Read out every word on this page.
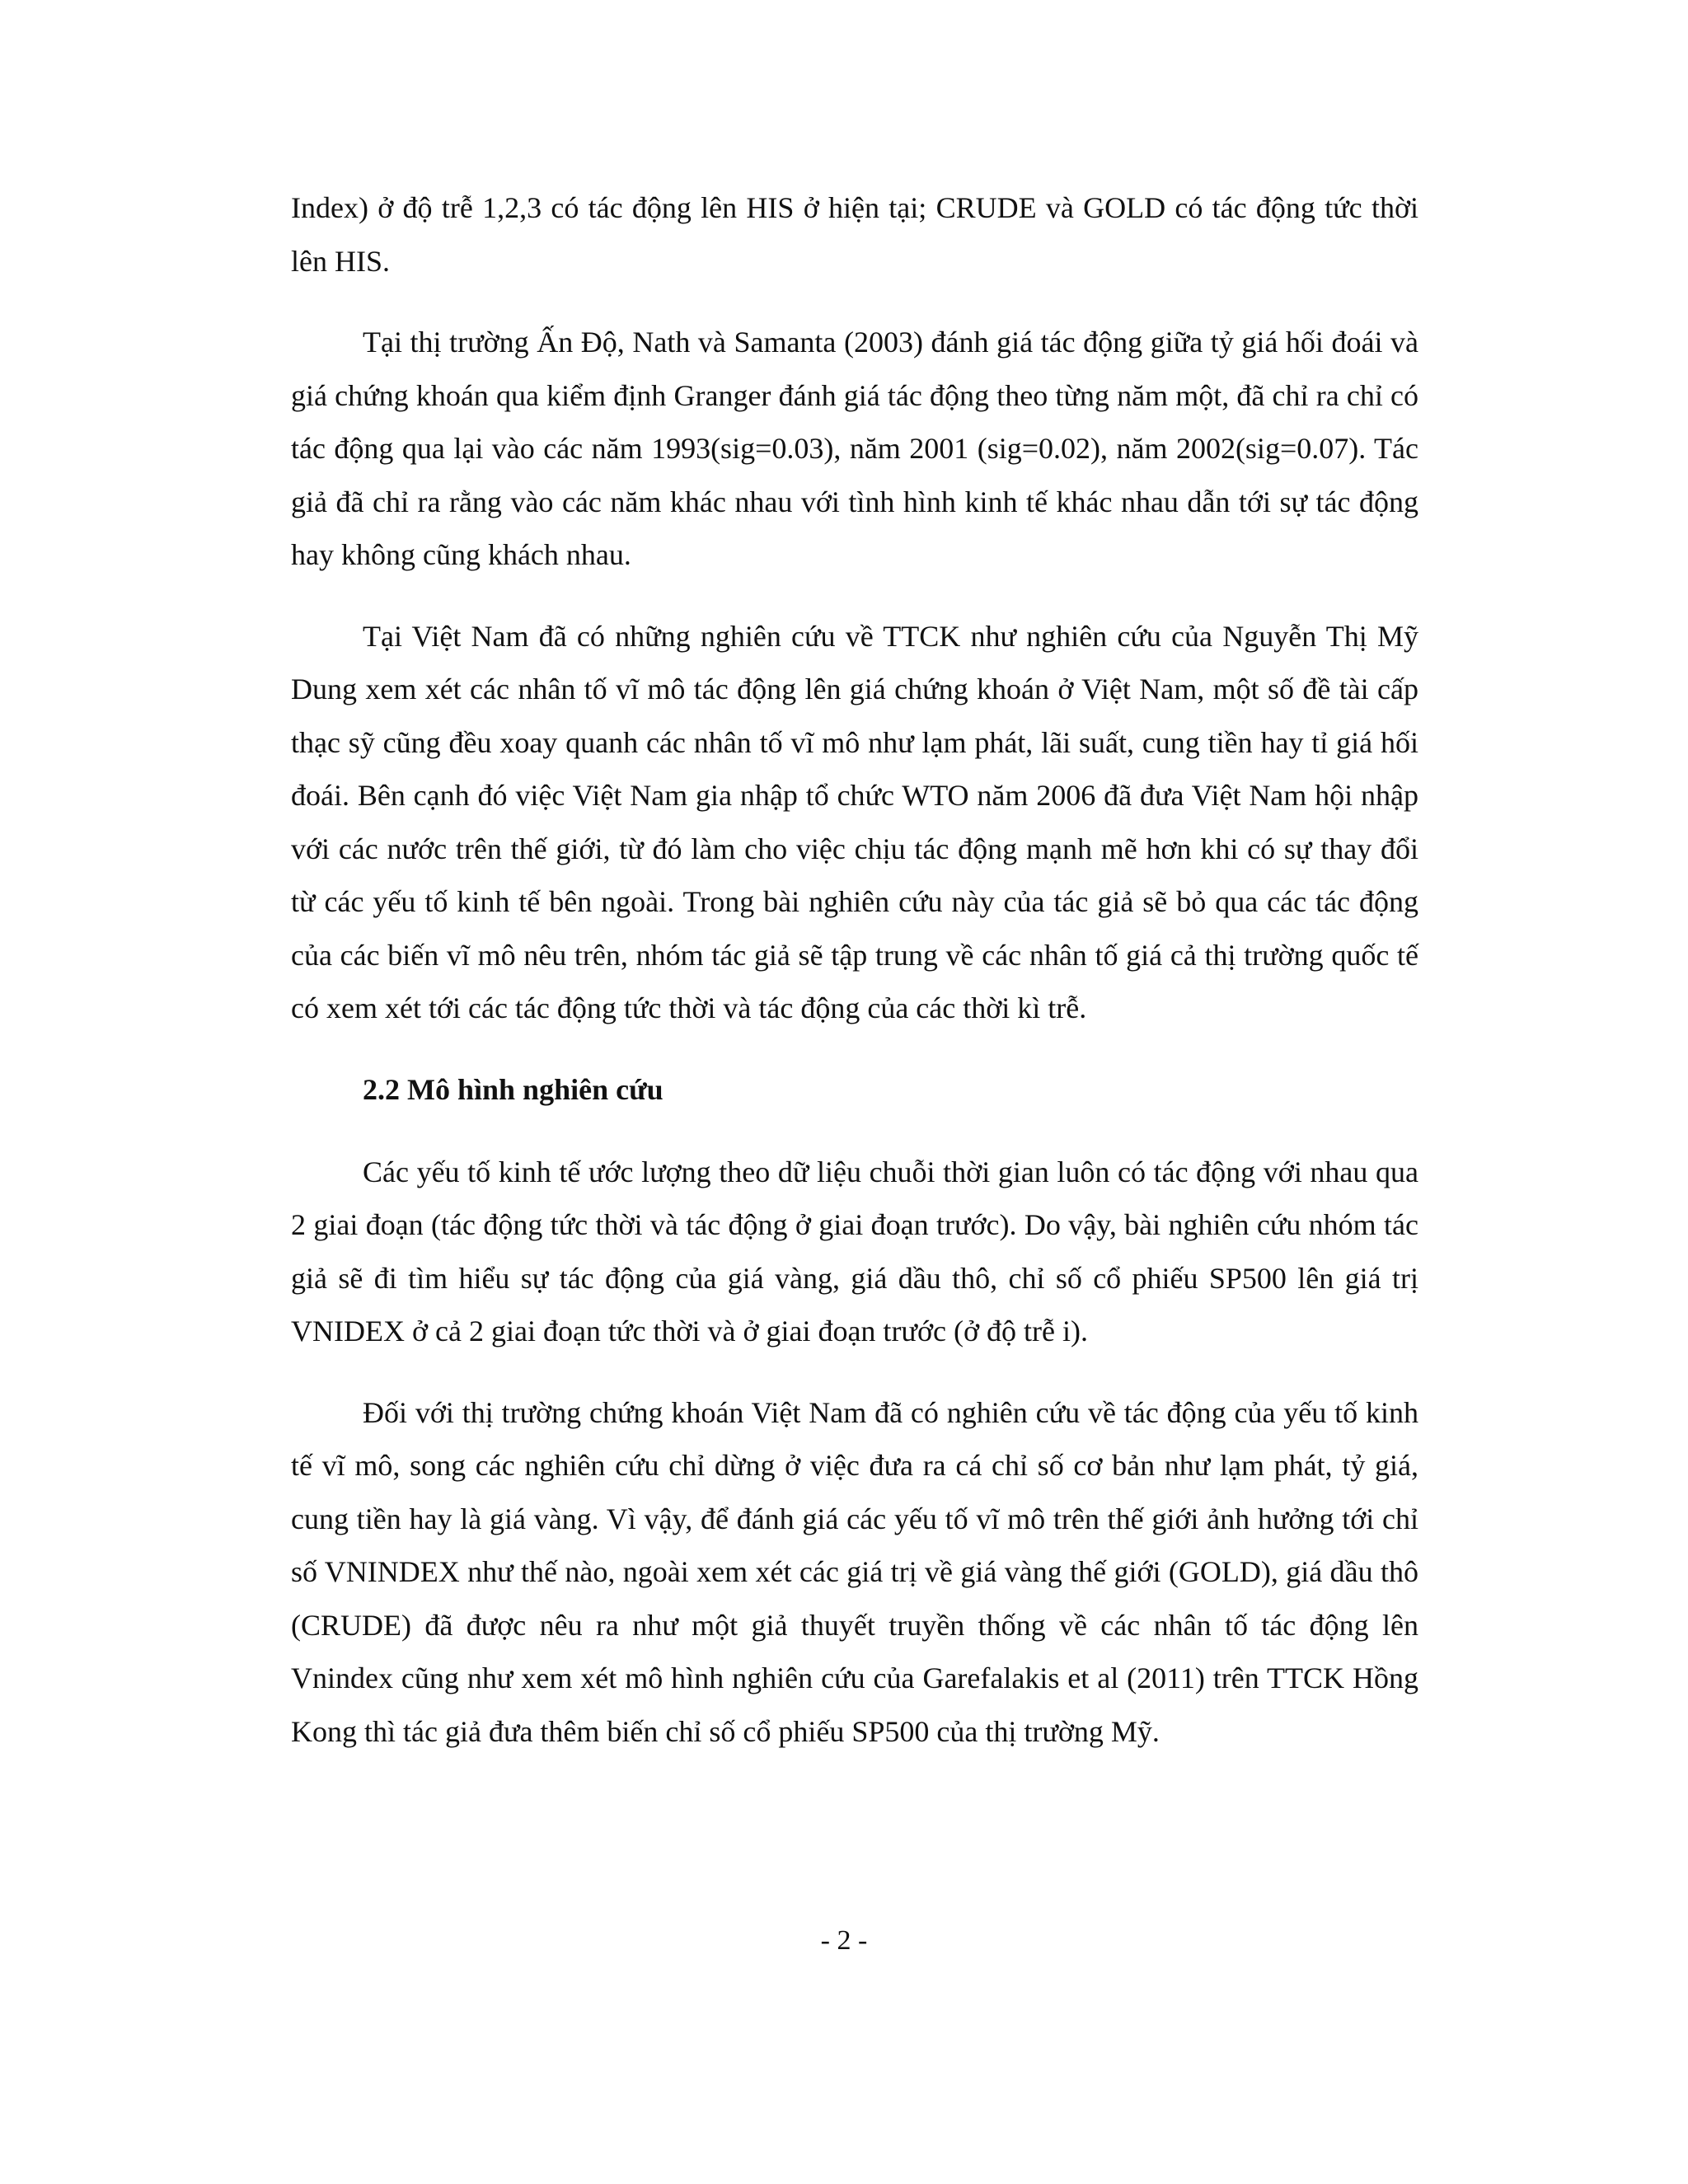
Index) ở độ trễ 1,2,3 có tác động lên HIS ở hiện tại; CRUDE và GOLD có tác động tức thời lên HIS.

Tại thị trường Ấn Độ, Nath và Samanta (2003) đánh giá tác động giữa tỷ giá hối đoái và giá chứng khoán qua kiểm định Granger đánh giá tác động theo từng năm một, đã chỉ ra chỉ có tác động qua lại vào các năm 1993(sig=0.03), năm 2001 (sig=0.02), năm 2002(sig=0.07). Tác giả đã chỉ ra rằng vào các năm khác nhau với tình hình kinh tế khác nhau dẫn tới sự tác động hay không cũng khách nhau.

Tại Việt Nam đã có những nghiên cứu về TTCK như nghiên cứu của Nguyễn Thị Mỹ Dung xem xét các nhân tố vĩ mô tác động lên giá chứng khoán ở Việt Nam, một số đề tài cấp thạc sỹ cũng đều xoay quanh các nhân tố vĩ mô như lạm phát, lãi suất, cung tiền hay tỉ giá hối đoái. Bên cạnh đó việc Việt Nam gia nhập tổ chức WTO năm 2006 đã đưa Việt Nam hội nhập với các nước trên thế giới, từ đó làm cho việc chịu tác động mạnh mẽ hơn khi có sự thay đổi từ các yếu tố kinh tế bên ngoài. Trong bài nghiên cứu này của tác giả sẽ bỏ qua các tác động của các biến vĩ mô nêu trên, nhóm tác giả sẽ tập trung về các nhân tố giá cả thị trường quốc tế có xem xét tới các tác động tức thời và tác động của các thời kì trễ.

2.2 Mô hình nghiên cứu

Các yếu tố kinh tế ước lượng theo dữ liệu chuỗi thời gian luôn có tác động với nhau qua 2 giai đoạn (tác động tức thời và tác động ở giai đoạn trước). Do vậy, bài nghiên cứu nhóm tác giả sẽ đi tìm hiểu sự tác động của giá vàng, giá dầu thô, chỉ số cổ phiếu SP500 lên giá trị VNIDEX ở cả 2 giai đoạn tức thời và ở giai đoạn trước (ở độ trễ i).

Đối với thị trường chứng khoán Việt Nam đã có nghiên cứu về tác động của yếu tố kinh tế vĩ mô, song các nghiên cứu chỉ dừng ở việc đưa ra cá chỉ số cơ bản như lạm phát, tỷ giá, cung tiền hay là giá vàng. Vì vậy, để đánh giá các yếu tố vĩ mô trên thế giới ảnh hưởng tới chỉ số VNINDEX như thế nào, ngoài xem xét các giá trị về giá vàng thế giới (GOLD), giá dầu thô (CRUDE) đã được nêu ra như một giả thuyết truyền thống về các nhân tố tác động lên Vnindex cũng như xem xét mô hình nghiên cứu của Garefalakis et al (2011) trên TTCK Hồng Kong thì tác giả đưa thêm biến chỉ số cổ phiếu SP500 của thị trường Mỹ.

- 2 -
